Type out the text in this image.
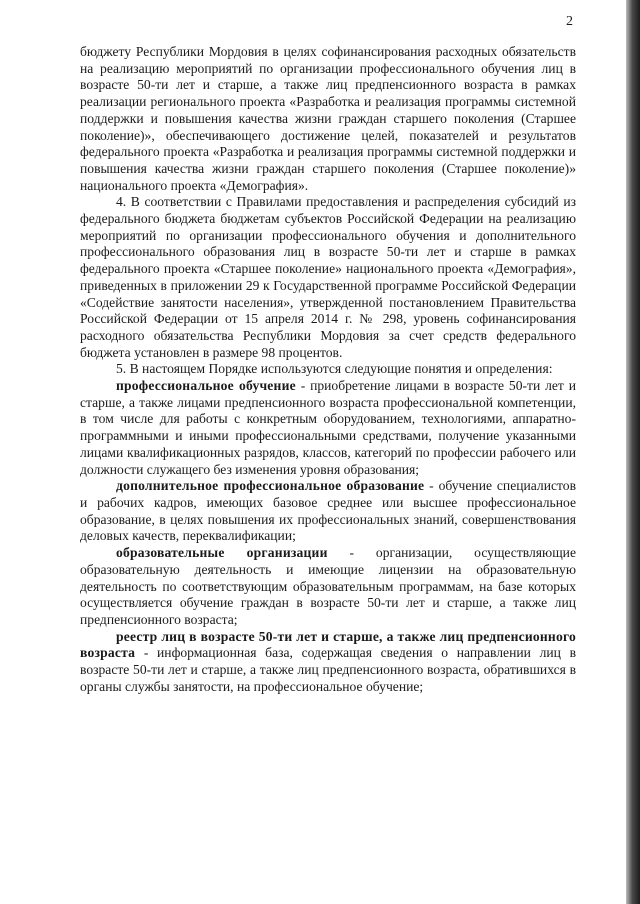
2

бюджету Республики Мордовия в целях софинансирования расходных обязательств на реализацию мероприятий по организации профессионального обучения лиц в возрасте 50-ти лет и старше, а также лиц предпенсионного возраста в рамках реализации регионального проекта «Разработка и реализация программы системной поддержки и повышения качества жизни граждан старшего поколения (Старшее поколение)», обеспечивающего достижение целей, показателей и результатов федерального проекта «Разработка и реализация программы системной поддержки и повышения качества жизни граждан старшего поколения (Старшее поколение)» национального проекта «Демография».

4. В соответствии с Правилами предоставления и распределения субсидий из федерального бюджета бюджетам субъектов Российской Федерации на реализацию мероприятий по организации профессионального обучения и дополнительного профессионального образования лиц в возрасте 50-ти лет и старше в рамках федерального проекта «Старшее поколение» национального проекта «Демография», приведенных в приложении 29 к Государственной программе Российской Федерации «Содействие занятости населения», утвержденной постановлением Правительства Российской Федерации от 15 апреля 2014 г. № 298, уровень софинансирования расходного обязательства Республики Мордовия за счет средств федерального бюджета установлен в размере 98 процентов.

5. В настоящем Порядке используются следующие понятия и определения:

профессиональное обучение - приобретение лицами в возрасте 50-ти лет и старше, а также лицами предпенсионного возраста профессиональной компетенции, в том числе для работы с конкретным оборудованием, технологиями, аппаратно-программными и иными профессиональными средствами, получение указанными лицами квалификационных разрядов, классов, категорий по профессии рабочего или должности служащего без изменения уровня образования;

дополнительное профессиональное образование - обучение специалистов и рабочих кадров, имеющих базовое среднее или высшее профессиональное образование, в целях повышения их профессиональных знаний, совершенствования деловых качеств, переквалификации;

образовательные организации - организации, осуществляющие образовательную деятельность и имеющие лицензии на образовательную деятельность по соответствующим образовательным программам, на базе которых осуществляется обучение граждан в возрасте 50-ти лет и старше, а также лиц предпенсионного возраста;

реестр лиц в возрасте 50-ти лет и старше, а также лиц предпенсионного возраста - информационная база, содержащая сведения о направлении лиц в возрасте 50-ти лет и старше, а также лиц предпенсионного возраста, обратившихся в органы службы занятости, на профессиональное обучение;
